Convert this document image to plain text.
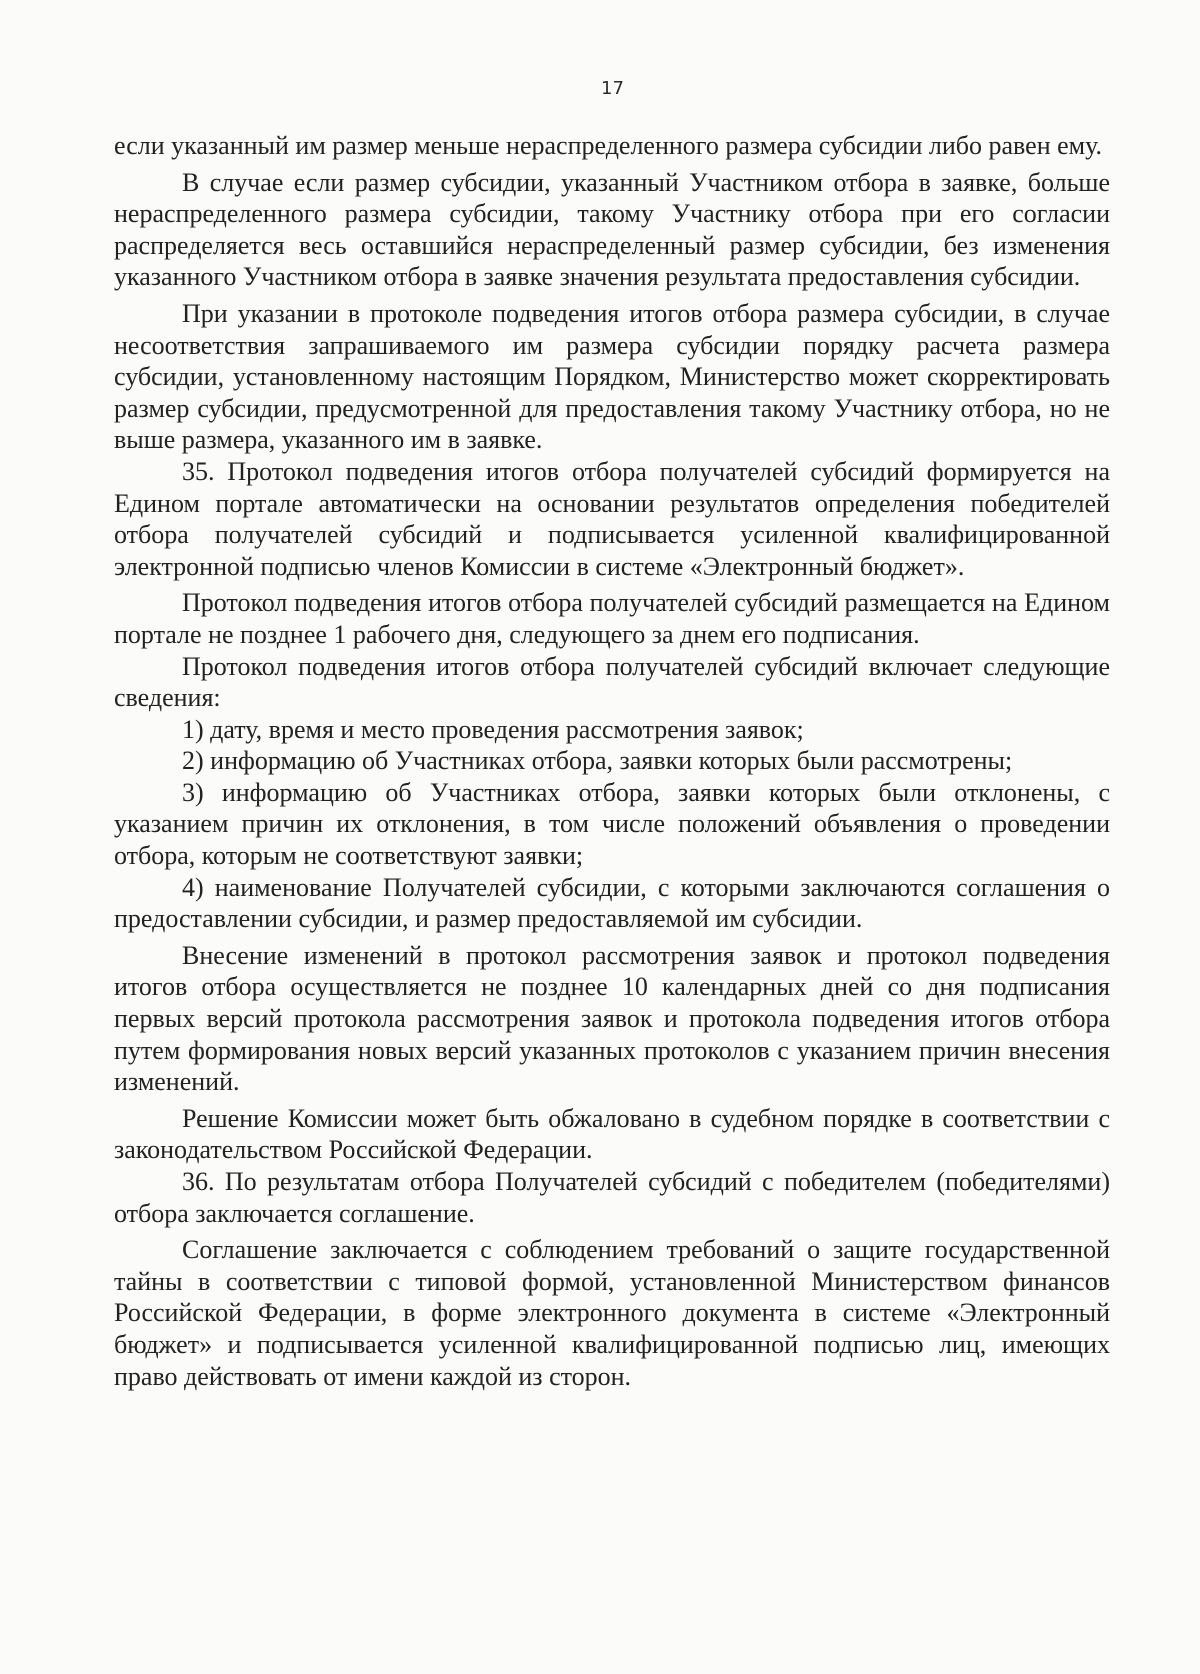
17

если указанный им размер меньше нераспределенного размера субсидии либо равен ему.

В случае если размер субсидии, указанный Участником отбора в заявке, больше нераспределенного размера субсидии, такому Участнику отбора при его согласии распределяется весь оставшийся нераспределенный размер субсидии, без изменения указанного Участником отбора в заявке значения результата предоставления субсидии.

При указании в протоколе подведения итогов отбора размера субсидии, в случае несоответствия запрашиваемого им размера субсидии порядку расчета размера субсидии, установленному настоящим Порядком, Министерство может скорректировать размер субсидии, предусмотренной для предоставления такому Участнику отбора, но не выше размера, указанного им в заявке.

35. Протокол подведения итогов отбора получателей субсидий формируется на Едином портале автоматически на основании результатов определения победителей отбора получателей субсидий и подписывается усиленной квалифицированной электронной подписью членов Комиссии в системе «Электронный бюджет».

Протокол подведения итогов отбора получателей субсидий размещается на Едином портале не позднее 1 рабочего дня, следующего за днем его подписания.

Протокол подведения итогов отбора получателей субсидий включает следующие сведения:

1) дату, время и место проведения рассмотрения заявок;

2) информацию об Участниках отбора, заявки которых были рассмотрены;

3) информацию об Участниках отбора, заявки которых были отклонены, с указанием причин их отклонения, в том числе положений объявления о проведении отбора, которым не соответствуют заявки;

4) наименование Получателей субсидии, с которыми заключаются соглашения о предоставлении субсидии, и размер предоставляемой им субсидии.

Внесение изменений в протокол рассмотрения заявок и протокол подведения итогов отбора осуществляется не позднее 10 календарных дней со дня подписания первых версий протокола рассмотрения заявок и протокола подведения итогов отбора путем формирования новых версий указанных протоколов с указанием причин внесения изменений.

Решение Комиссии может быть обжаловано в судебном порядке в соответствии с законодательством Российской Федерации.

36. По результатам отбора Получателей субсидий с победителем (победителями) отбора заключается соглашение.

Соглашение заключается с соблюдением требований о защите государственной тайны в соответствии с типовой формой, установленной Министерством финансов Российской Федерации, в форме электронного документа в системе «Электронный бюджет» и подписывается усиленной квалифицированной подписью лиц, имеющих право действовать от имени каждой из сторон.
